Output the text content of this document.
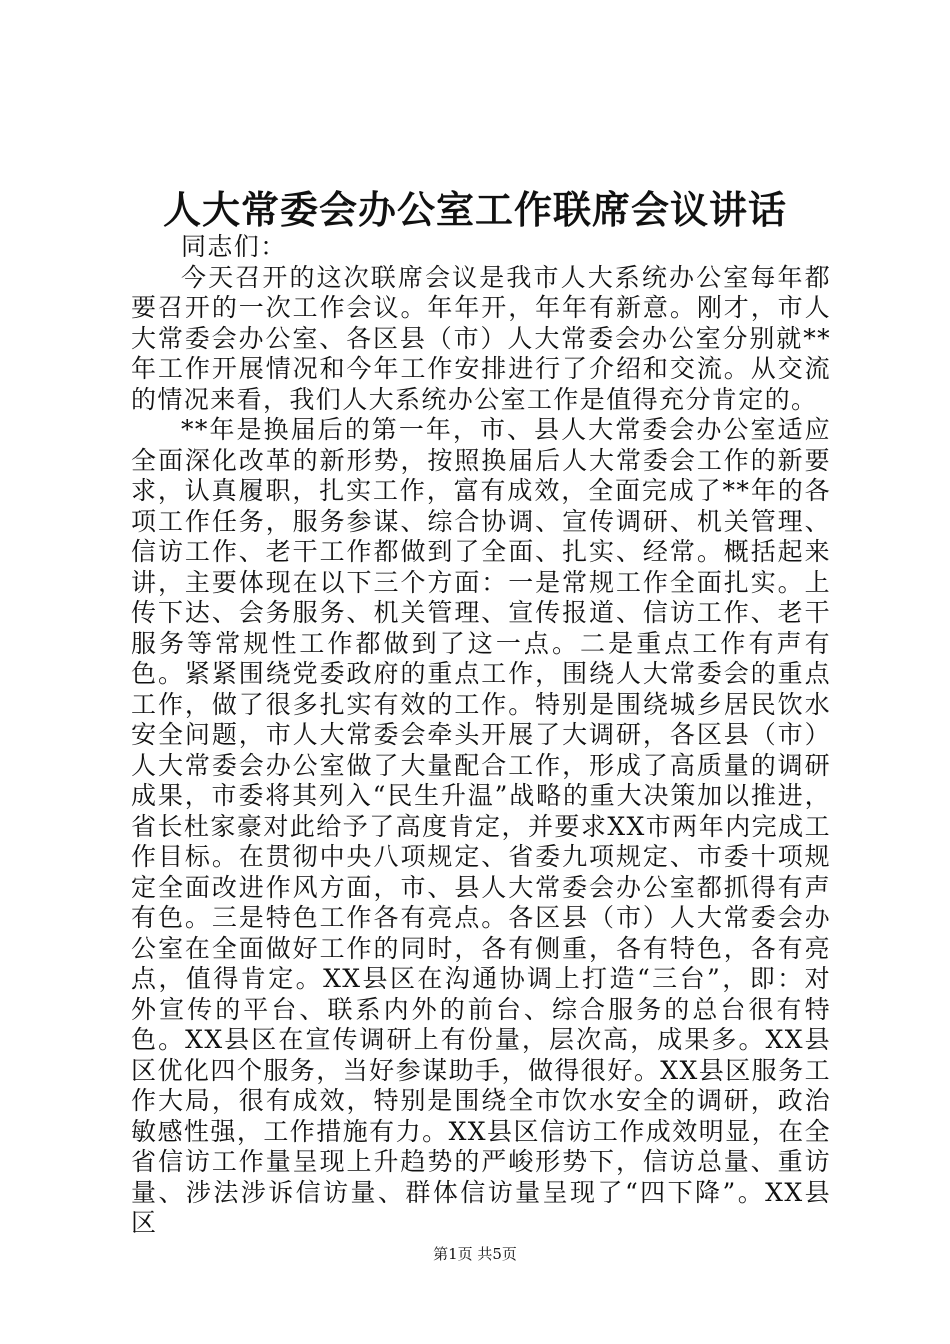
人大常委会办公室工作联席会议讲话

同志们：

今天召开的这次联席会议是我市人大系统办公室每年都要召开的一次工作会议。年年开，年年有新意。刚才，市人大常委会办公室、各区县（市）人大常委会办公室分别就**年工作开展情况和今年工作安排进行了介绍和交流。从交流的情况来看，我们人大系统办公室工作是值得充分肯定的。

**年是换届后的第一年，市、县人大常委会办公室适应全面深化改革的新形势，按照换届后人大常委会工作的新要求，认真履职，扎实工作，富有成效，全面完成了**年的各项工作任务，服务参谋、综合协调、宣传调研、机关管理、信访工作、老干工作都做到了全面、扎实、经常。概括起来讲，主要体现在以下三个方面：一是常规工作全面扎实。上传下达、会务服务、机关管理、宣传报道、信访工作、老干服务等常规性工作都做到了这一点。二是重点工作有声有色。紧紧围绕党委政府的重点工作，围绕人大常委会的重点工作，做了很多扎实有效的工作。特别是围绕城乡居民饮水安全问题，市人大常委会牵头开展了大调研，各区县（市）人大常委会办公室做了大量配合工作，形成了高质量的调研成果，市委将其列入“民生升温”战略的重大决策加以推进，省长杜家豪对此给予了高度肯定，并要求XX市两年内完成工作目标。在贯彻中央八项规定、省委九项规定、市委十项规定全面改进作风方面，市、县人大常委会办公室都抓得有声有色。三是特色工作各有亮点。各区县（市）人大常委会办公室在全面做好工作的同时，各有侧重，各有特色，各有亮点，值得肯定。XX县区在沟通协调上打造“三台”，即：对外宣传的平台、联系内外的前台、综合服务的总台很有特色。XX县区在宣传调研上有份量，层次高，成果多。XX县区优化四个服务，当好参谋助手，做得很好。XX县区服务工作大局，很有成效，特别是围绕全市饮水安全的调研，政治敏感性强，工作措施有力。XX县区信访工作成效明显，在全省信访工作量呈现上升趋势的严峻形势下，信访总量、重访量、涉法涉诉信访量、群体信访量呈现了“四下降”。XX县区

第1页 共5页
